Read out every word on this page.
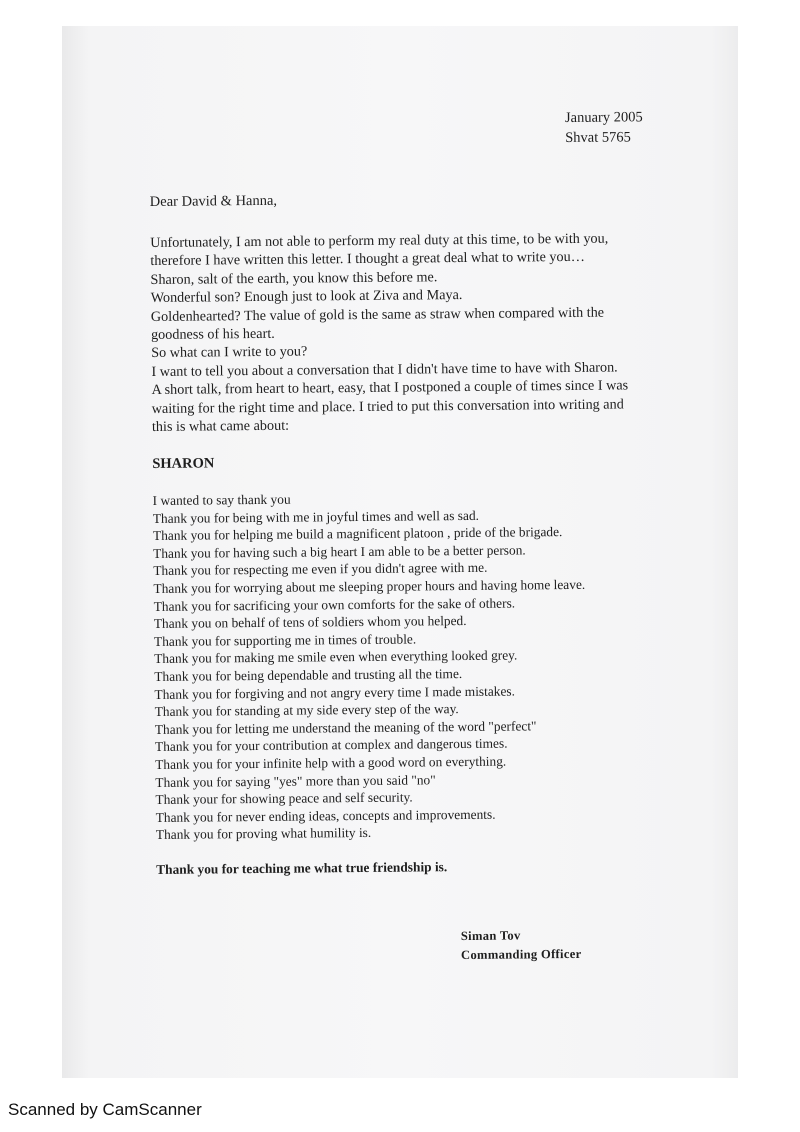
January 2005
Shvat 5765
Dear David & Hanna,
Unfortunately, I am not able to perform my real duty at this time, to be with you,
therefore I have written this letter. I thought a great deal what to write you…
Sharon, salt of the earth, you know this before me.
Wonderful son? Enough just to look at Ziva and Maya.
Goldenhearted? The value of gold is the same as straw when compared with the
goodness of his heart.
So what can I write to you?
I want to tell you about a conversation that I didn't have time to have with Sharon.
A short talk, from heart to heart, easy, that I postponed a couple of times since I was
waiting for the right time and place. I tried to put this conversation into writing and
this is what came about:
SHARON
I wanted to say thank you
Thank you for being with me in joyful times and well as sad.
Thank you for helping me build a magnificent platoon , pride of the brigade.
Thank you for having such a big heart I am able to be a better person.
Thank you for respecting me even if you didn't agree with me.
Thank you for worrying about me sleeping proper hours and having home leave.
Thank you for sacrificing your own comforts for the sake of others.
Thank you on behalf of tens of soldiers whom you helped.
Thank you for supporting me in times of trouble.
Thank you for making me smile even when everything looked grey.
Thank you for being dependable and trusting all the time.
Thank you for forgiving and not angry every time I made mistakes.
Thank you for standing at my side every step of the way.
Thank you for letting me understand the meaning of the word "perfect"
Thank you for your contribution at complex and dangerous times.
Thank you for your infinite help with a good word on everything.
Thank you for saying "yes" more than you said "no"
Thank your for showing peace and self security.
Thank you for never ending ideas, concepts and improvements.
Thank you for proving what humility is.
Thank you for teaching me what true friendship is.
Siman Tov
Commanding Officer
Scanned by CamScanner
